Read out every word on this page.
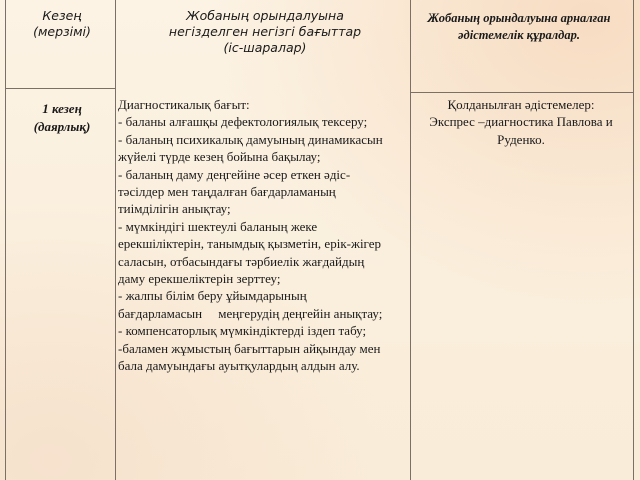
Кезең
(мерзімі)
Жобаның орындалуына
негізделген негізгі бағыттар
(іс-шаралар)
Жобаның орындалуына арналған
әдістемелік құралдар.
1 кезең
(даярлық)
Диагностикалық бағыт:
- баланы алғашқы дефектологиялық тексеру;
- баланың психикалық дамуының динамикасын
жүйелі түрде кезең бойына бақылау;
- баланың даму деңгейіне әсер еткен әдіс-
тәсілдер мен таңдалған бағдарламаның
тиімділігін анықтау;
- мүмкіндігі шектеулі баланың жеке
ерекшіліктерін, танымдық қызметін, ерік-жігер
саласын, отбасындағы тәрбиелік жағдайдың
даму ерекшеліктерін зерттеу;
- жалпы білім беру ұйымдарының
бағдарламасын     меңгерудің деңгейін анықтау;
- компенсаторлық мүмкіндіктерді іздеп табу;
-баламен жұмыстың бағыттарын айқындау мен
бала дамуындағы ауытқулардың алдын алу.
Қолданылған әдістемелер:
Экспрес –диагностика Павлова и
Руденко.
